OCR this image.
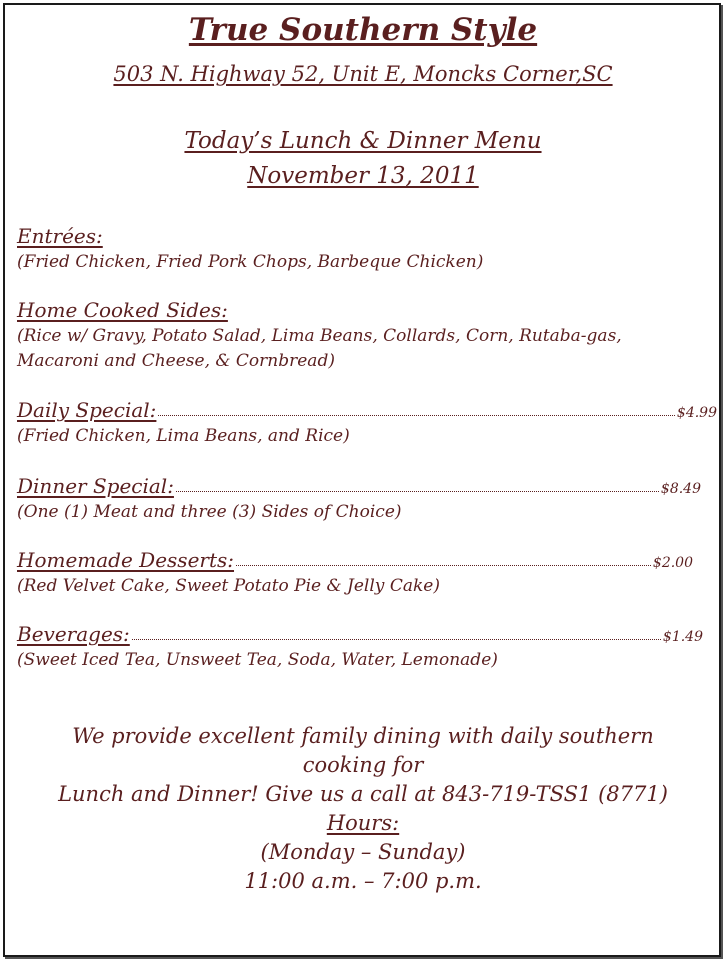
True Southern Style
503 N. Highway 52, Unit E, Moncks Corner,SC
Today’s Lunch & Dinner Menu
November 13, 2011
Entrées:
(Fried Chicken, Fried Pork Chops, Barbeque Chicken)
Home Cooked Sides:
(Rice w/ Gravy, Potato Salad, Lima Beans, Collards, Corn, Rutaba-gas, Macaroni and Cheese, & Cornbread)
Daily Special:	$4.99
(Fried Chicken, Lima Beans, and Rice)
Dinner Special:	$8.49
(One (1) Meat and three (3) Sides of Choice)
Homemade Desserts:	$2.00
(Red Velvet Cake, Sweet Potato Pie & Jelly Cake)
Beverages:	$1.49
(Sweet Iced Tea, Unsweet Tea, Soda, Water, Lemonade)
We provide excellent family dining with daily southern
cooking for
Lunch and Dinner! Give us a call at 843-719-TSS1 (8771)
Hours:
(Monday – Sunday)
11:00 a.m. – 7:00 p.m.
